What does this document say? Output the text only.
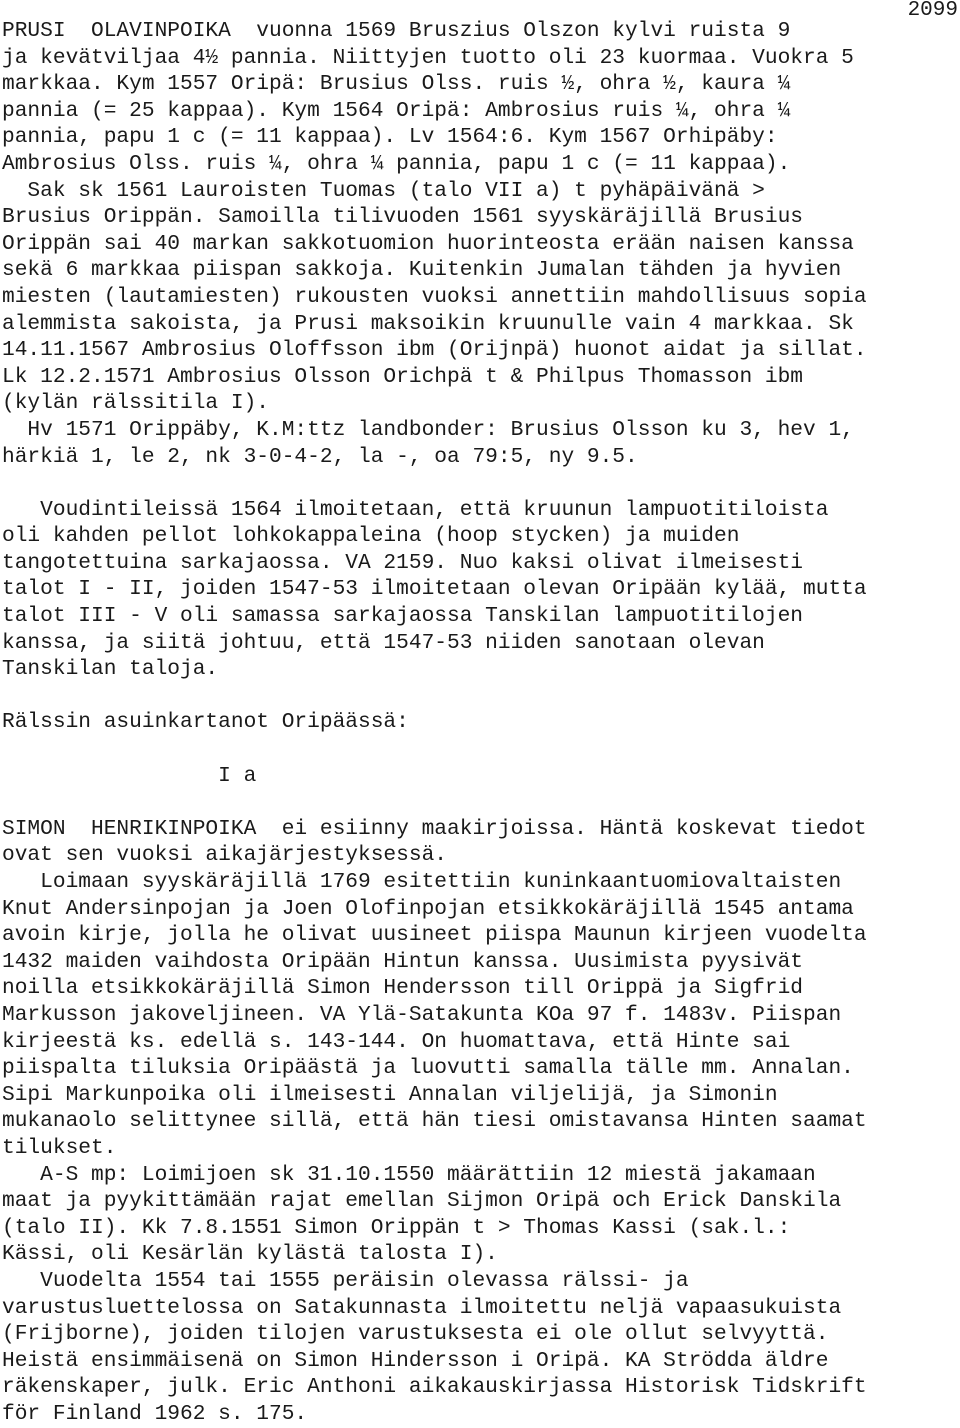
2099
PRUSI  OLAVINPOIKA  vuonna 1569 Bruszius Olszon kylvi ruista 9
ja kevätviljaa 4½ pannia. Niittyjen tuotto oli 23 kuormaa. Vuokra 5
markkaa. Kym 1557 Oripä: Brusius Olss. ruis ½, ohra ½, kaura ¼
pannia (= 25 kappaa). Kym 1564 Oripä: Ambrosius ruis ¼, ohra ¼
pannia, papu 1 c (= 11 kappaa). Lv 1564:6. Kym 1567 Orhipäby:
Ambrosius Olss. ruis ¼, ohra ¼ pannia, papu 1 c (= 11 kappaa).
Sak sk 1561 Lauroisten Tuomas (talo VII a) t pyhäpäivänä >
Brusius Orippän. Samoilla tilivuoden 1561 syyskäräjillä Brusius
Orippän sai 40 markan sakkotuomion huorinteosta erään naisen kanssa
sekä 6 markkaa piispan sakkoja. Kuitenkin Jumalan tähden ja hyvien
miesten (lautamiesten) rukousten vuoksi annettiin mahdollisuus sopia
alemmista sakoista, ja Prusi maksoikin kruunulle vain 4 markkaa. Sk
14.11.1567 Ambrosius Oloffsson ibm (Orijnpä) huonot aidat ja sillat.
Lk 12.2.1571 Ambrosius Olsson Orichpä t & Philpus Thomasson ibm
(kylän rälssitila I).
Hv 1571 Orippäby, K.M:ttz landbonder: Brusius Olsson ku 3, hev 1,
härkiä 1, le 2, nk 3-0-4-2, la -, oa 79:5, ny 9.5.
Voudintileissä 1564 ilmoitetaan, että kruunun lampuotitiloista
oli kahden pellot lohkokappaleina (hoop stycken) ja muiden
tangotettuina sarkajaossa. VA 2159. Nuo kaksi olivat ilmeisesti
talot I - II, joiden 1547-53 ilmoitetaan olevan Oripään kylää, mutta
talot III - V oli samassa sarkajaossa Tanskilan lampuotitilojen
kanssa, ja siitä johtuu, että 1547-53 niiden sanotaan olevan
Tanskilan taloja.
Rälssin asuinkartanot Oripäässä:
I a
SIMON  HENRIKINPOIKA  ei esiinny maakirjoissa. Häntä koskevat tiedot
ovat sen vuoksi aikajärjestyksessä.
Loimaan syyskäräjillä 1769 esitettiin kuninkaantuomiovaltaisten
Knut Andersinpojan ja Joen Olofinpojan etsikkokäräjillä 1545 antama
avoin kirje, jolla he olivat uusineet piispa Maunun kirjeen vuodelta
1432 maiden vaihdosta Oripään Hintun kanssa. Uusimista pyysivät
noilla etsikkokäräjillä Simon Hendersson till Orippä ja Sigfrid
Markusson jakoveljineen. VA Ylä-Satakunta KOa 97 f. 1483v. Piispan
kirjeestä ks. edellä s. 143-144. On huomattava, että Hinte sai
piispalta tiluksia Oripäästä ja luovutti samalla tälle mm. Annalan.
Sipi Markunpoika oli ilmeisesti Annalan viljelijä, ja Simonin
mukanaolo selittynee sillä, että hän tiesi omistavansa Hinten saamat
tilukset.
A-S mp: Loimijoen sk 31.10.1550 määrättiin 12 miestä jakamaan
maat ja pyykittämään rajat emellan Sijmon Oripä och Erick Danskila
(talo II). Kk 7.8.1551 Simon Orippän t > Thomas Kassi (sak.l.:
Kässi, oli Kesärlän kylästä talosta I).
Vuodelta 1554 tai 1555 peräisin olevassa rälssi- ja
varustusluettelossa on Satakunnasta ilmoitettu neljä vapaasukuista
(Frijborne), joiden tilojen varustuksesta ei ole ollut selvyyttä.
Heistä ensimmäisenä on Simon Hindersson i Oripä. KA Strödda äldre
räkenskaper, julk. Eric Anthoni aikakauskirjassa Historisk Tidskrift
för Finland 1962 s. 175.
